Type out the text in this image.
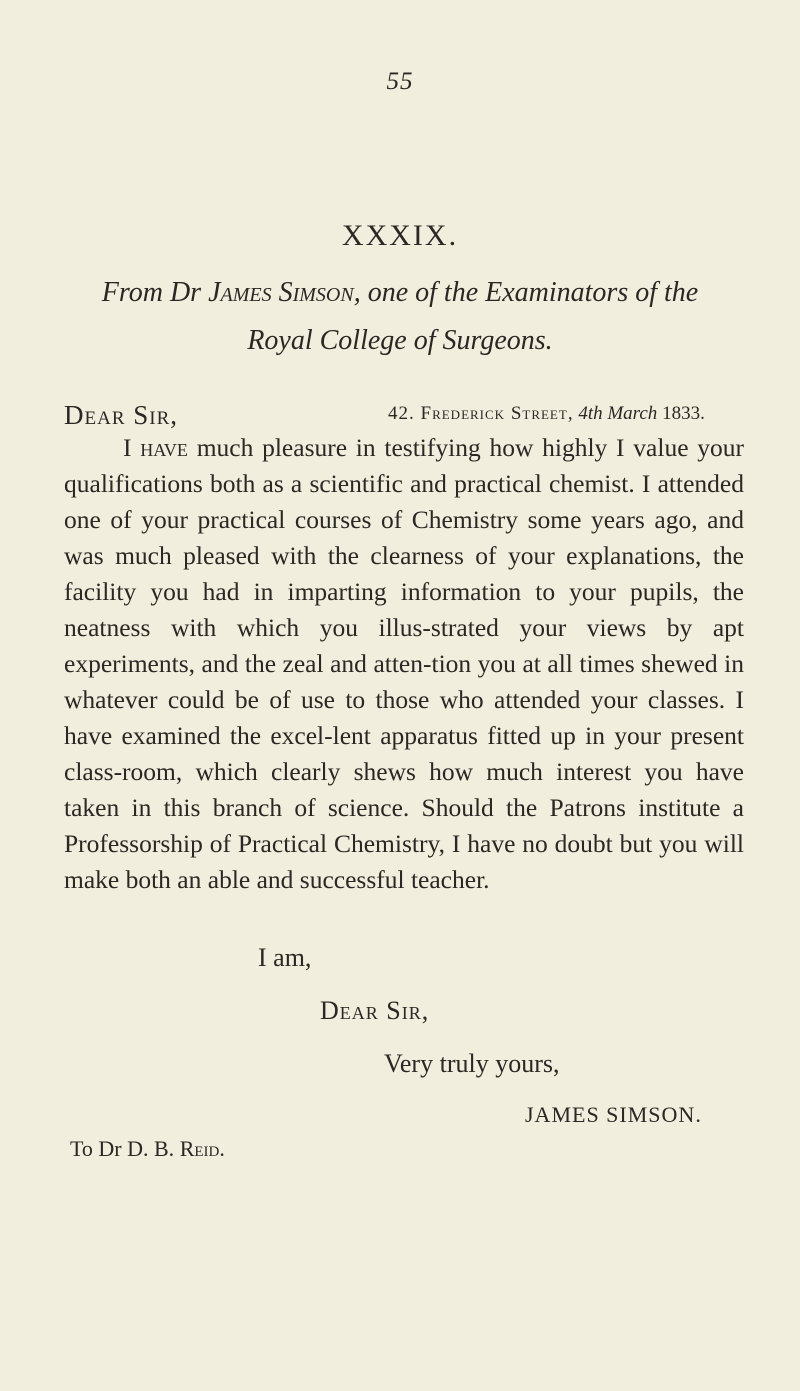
55
XXXIX.
From Dr James Simson, one of the Examinators of the
Royal College of Surgeons.
Dear Sir,	42. Frederick Street, 4th March 1833.
I have much pleasure in testifying how highly I value your qualifications both as a scientific and practical chemist. I attended one of your practical courses of Chemistry some years ago, and was much pleased with the clearness of your explanations, the facility you had in imparting information to your pupils, the neatness with which you illus-strated your views by apt experiments, and the zeal and atten-tion you at all times shewed in whatever could be of use to those who attended your classes. I have examined the excel-lent apparatus fitted up in your present class-room, which clearly shews how much interest you have taken in this branch of science. Should the Patrons institute a Professorship of Practical Chemistry, I have no doubt but you will make both an able and successful teacher.
I am,
Dear Sir,
Very truly yours,
JAMES SIMSON.
To Dr D. B. Reid.
